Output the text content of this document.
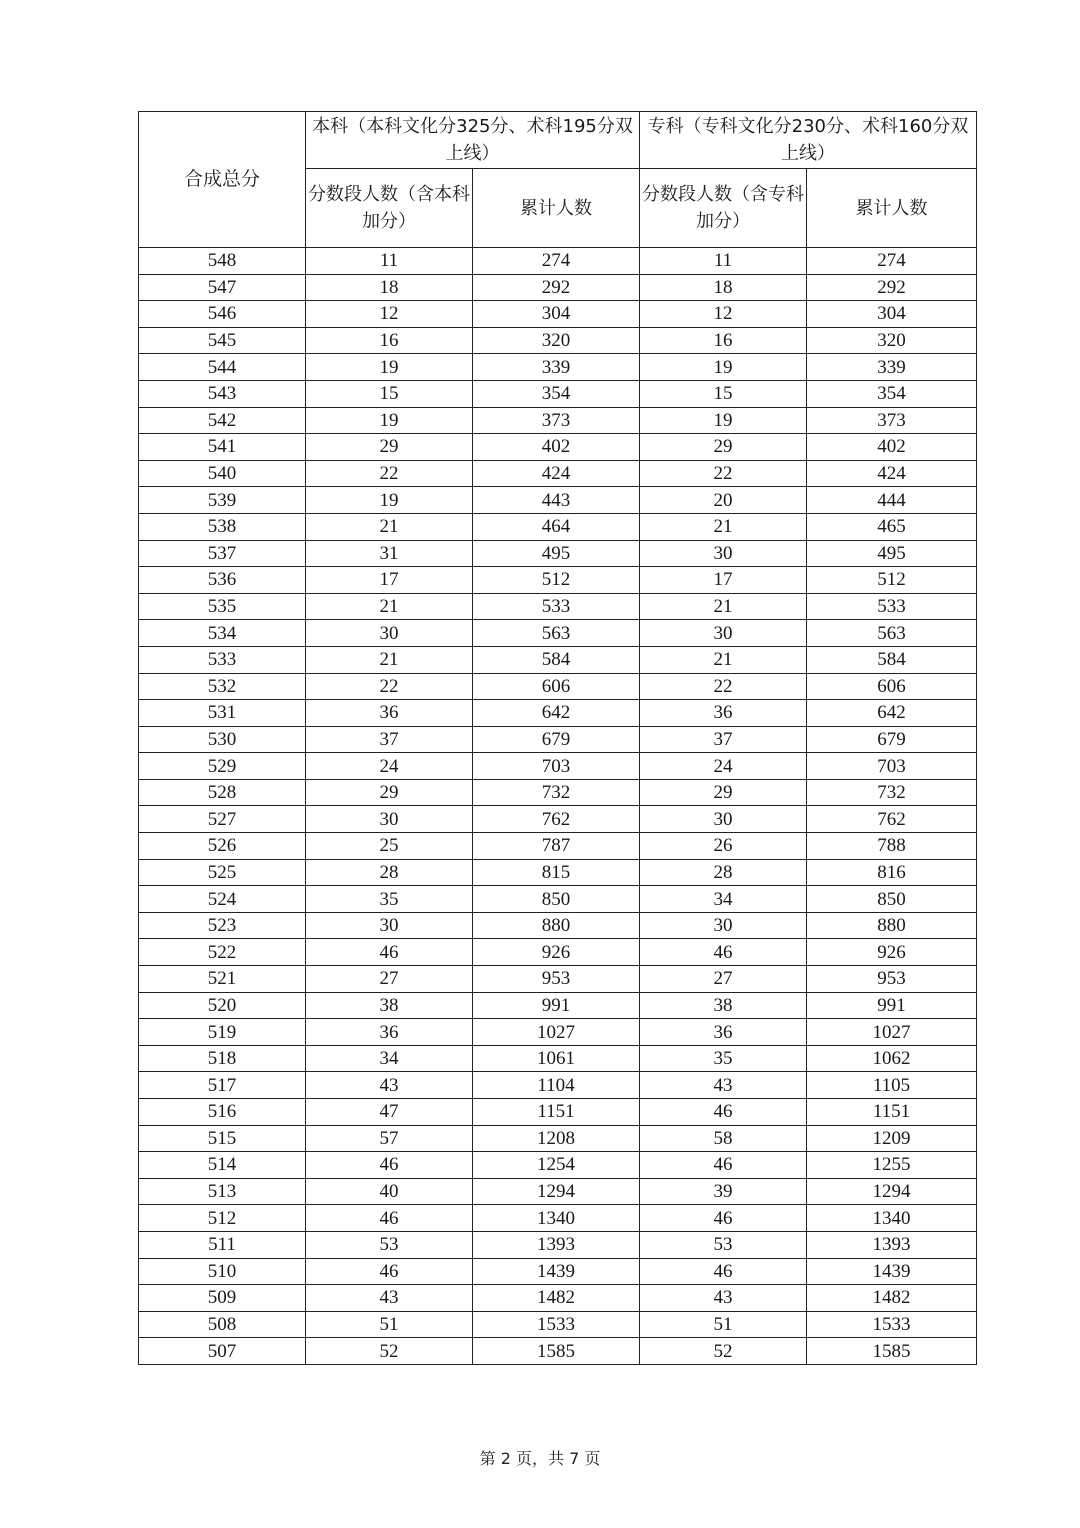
合成总分	本科（本科文化分325分、术科195分双上线）		专科（专科文化分230分、术科160分双上线）	
	分数段人数（含本科加分）	累计人数	分数段人数（含专科加分）	累计人数
548	11	274	11	274
547	18	292	18	292
546	12	304	12	304
545	16	320	16	320
544	19	339	19	339
543	15	354	15	354
542	19	373	19	373
541	29	402	29	402
540	22	424	22	424
539	19	443	20	444
538	21	464	21	465
537	31	495	30	495
536	17	512	17	512
535	21	533	21	533
534	30	563	30	563
533	21	584	21	584
532	22	606	22	606
531	36	642	36	642
530	37	679	37	679
529	24	703	24	703
528	29	732	29	732
527	30	762	30	762
526	25	787	26	788
525	28	815	28	816
524	35	850	34	850
523	30	880	30	880
522	46	926	46	926
521	27	953	27	953
520	38	991	38	991
519	36	1027	36	1027
518	34	1061	35	1062
517	43	1104	43	1105
516	47	1151	46	1151
515	57	1208	58	1209
514	46	1254	46	1255
513	40	1294	39	1294
512	46	1340	46	1340
511	53	1393	53	1393
510	46	1439	46	1439
509	43	1482	43	1482
508	51	1533	51	1533
507	52	1585	52	1585
第 2 页，共 7 页
